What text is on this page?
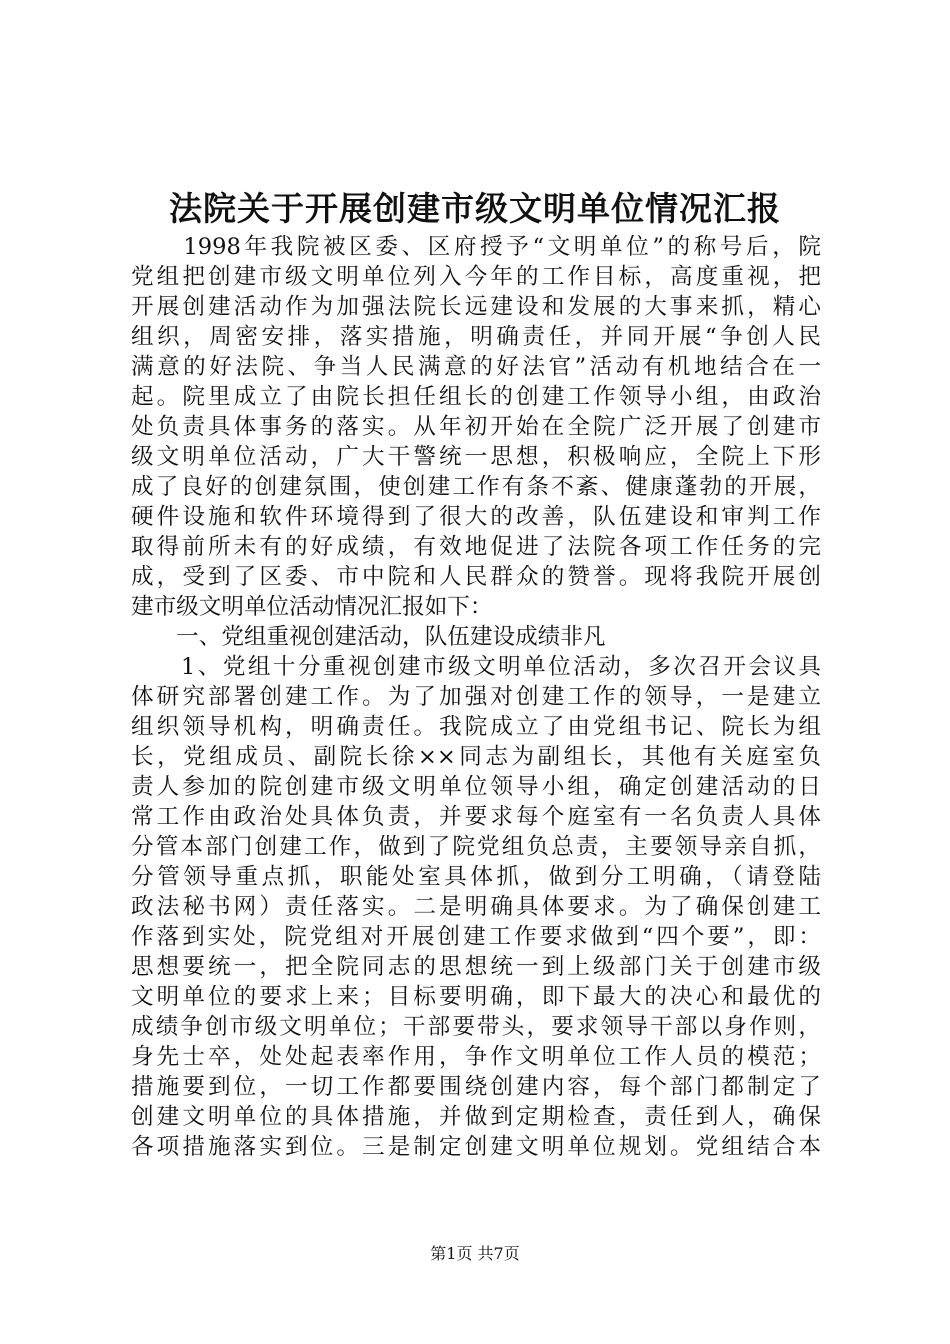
法院关于开展创建市级文明单位情况汇报
　　1998年我院被区委、区府授予“文明单位”的称号后，院
党组把创建市级文明单位列入今年的工作目标，高度重视，把
开展创建活动作为加强法院长远建设和发展的大事来抓，精心
组织，周密安排，落实措施，明确责任，并同开展“争创人民
满意的好法院、争当人民满意的好法官”活动有机地结合在一
起。院里成立了由院长担任组长的创建工作领导小组，由政治
处负责具体事务的落实。从年初开始在全院广泛开展了创建市
级文明单位活动，广大干警统一思想，积极响应，全院上下形
成了良好的创建氛围，使创建工作有条不紊、健康蓬勃的开展，
硬件设施和软件环境得到了很大的改善，队伍建设和审判工作
取得前所未有的好成绩，有效地促进了法院各项工作任务的完
成，受到了区委、市中院和人民群众的赞誉。现将我院开展创
建市级文明单位活动情况汇报如下：
　　一、党组重视创建活动，队伍建设成绩非凡
　　1、党组十分重视创建市级文明单位活动，多次召开会议具
体研究部署创建工作。为了加强对创建工作的领导，一是建立
组织领导机构，明确责任。我院成立了由党组书记、院长为组
长，党组成员、副院长徐××同志为副组长，其他有关庭室负
责人参加的院创建市级文明单位领导小组，确定创建活动的日
常工作由政治处具体负责，并要求每个庭室有一名负责人具体
分管本部门创建工作，做到了院党组负总责，主要领导亲自抓，
分管领导重点抓，职能处室具体抓，做到分工明确，（请登陆
政法秘书网）责任落实。二是明确具体要求。为了确保创建工
作落到实处，院党组对开展创建工作要求做到“四个要”，即：
思想要统一，把全院同志的思想统一到上级部门关于创建市级
文明单位的要求上来；目标要明确，即下最大的决心和最优的
成绩争创市级文明单位；干部要带头，要求领导干部以身作则，
身先士卒，处处起表率作用，争作文明单位工作人员的模范；
措施要到位，一切工作都要围绕创建内容，每个部门都制定了
创建文明单位的具体措施，并做到定期检查，责任到人，确保
各项措施落实到位。三是制定创建文明单位规划。党组结合本
第1页 共7页
